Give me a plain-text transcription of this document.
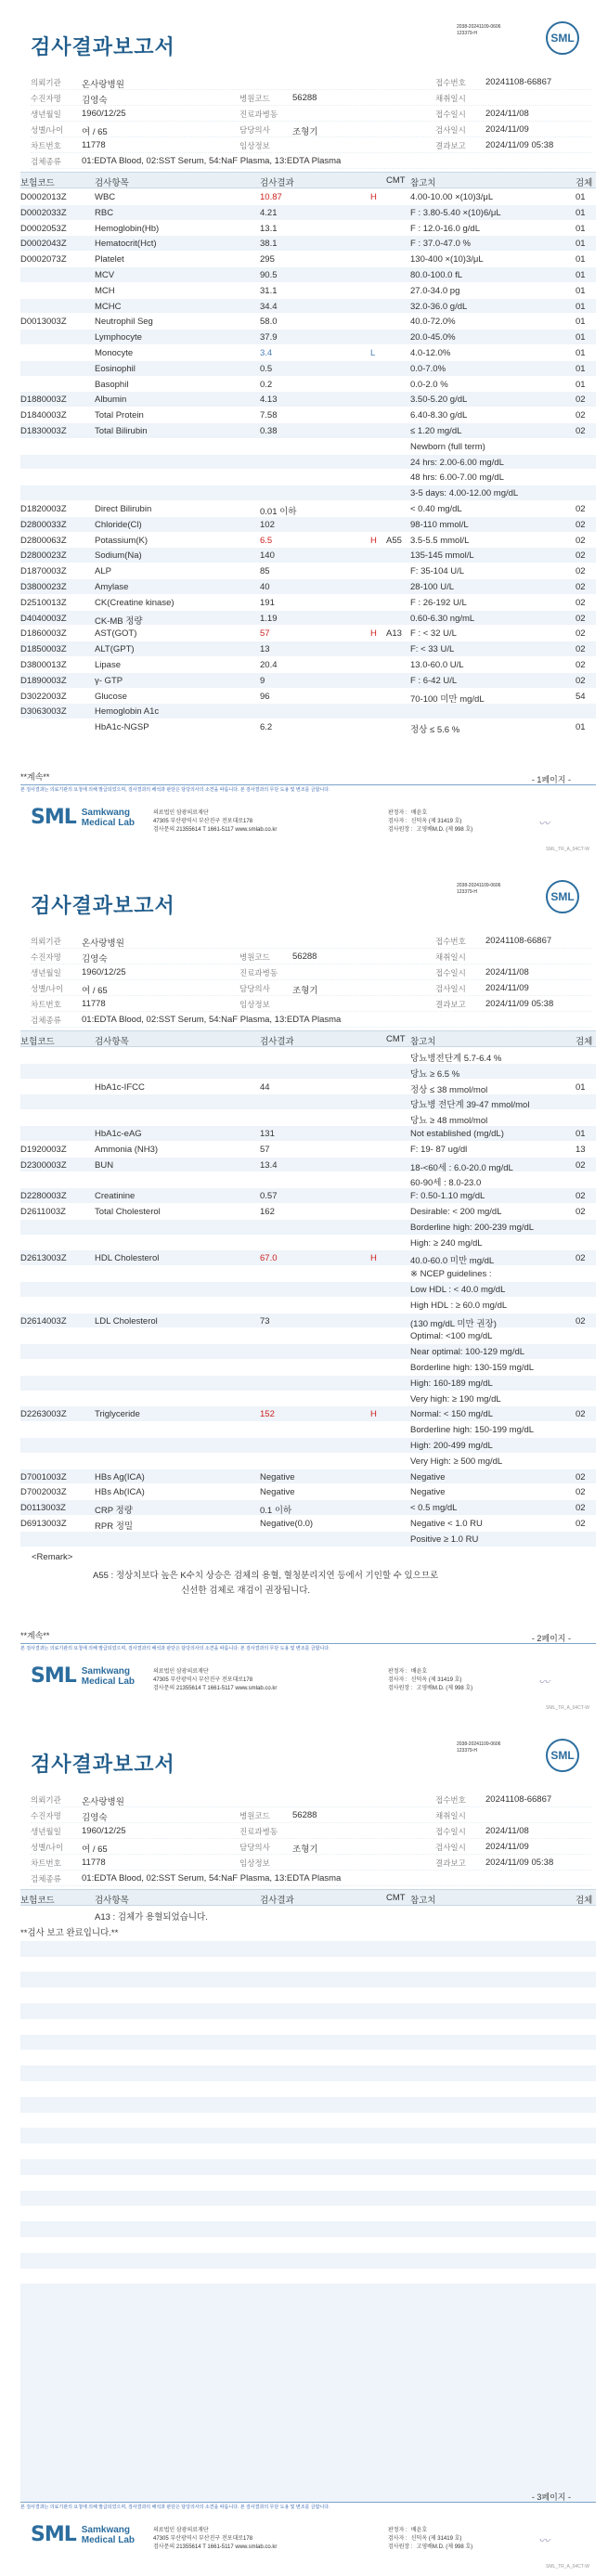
검사결과보고서
2038-20241109-0606
123379-H	SML
의뢰기관 온사랑병원	접수번호 20241108-66867
수진자명 김영숙	병원코드	56288	채취일시
생년월일 1960/12/25	진료과병동	접수일시 2024/11/08
성별/나이 여 / 65	담당의사	조형기	검사일시 2024/11/09
차트번호 11778	임상정보	결과보고 2024/11/09 05:38
검체종류 01:EDTA Blood, 02:SST Serum, 54:NaF Plasma, 13:EDTA Plasma
보험코드	검사항목	검사결과	CMT 참고치	검체
D0002013Z	WBC	10.87	H	4.00-10.00 ×(10)3/μL	01
D0002033Z	RBC	4.21	F : 3.80-5.40 ×(10)6/μL	01
D0002053Z	Hemoglobin(Hb)	13.1	F : 12.0-16.0 g/dL	01
D0002043Z	Hematocrit(Hct)	38.1	F : 37.0-47.0 %	01
D0002073Z	Platelet	295	130-400 ×(10)3/μL	01
MCV	90.5	80.0-100.0 fL	01
MCH	31.1	27.0-34.0 pg	01
MCHC	34.4	32.0-36.0 g/dL	01
D0013003Z	Neutrophil Seg	58.0	40.0-72.0%	01
Lymphocyte	37.9	20.0-45.0%	01
Monocyte	3.4	L	4.0-12.0%	01
Eosinophil	0.5	0.0-7.0%	01
Basophil	0.2	0.0-2.0 %	01
D1880003Z	Albumin	4.13	3.50-5.20 g/dL	02
D1840003Z	Total Protein	7.58	6.40-8.30 g/dL	02
D1830003Z	Total Bilirubin	0.38	≤ 1.20 mg/dL	02
Newborn (full term)
24 hrs: 2.00-6.00 mg/dL
48 hrs: 6.00-7.00 mg/dL
3-5 days: 4.00-12.00 mg/dL
D1820003Z	Direct Bilirubin	0.01 이하	< 0.40 mg/dL	02
D2800033Z	Chloride(Cl)	102	98-110 mmol/L	02
D2800063Z	Potassium(K)	6.5	H A55 3.5-5.5 mmol/L	02
D2800023Z	Sodium(Na)	140	135-145 mmol/L	02
D1870003Z	ALP	85	F: 35-104 U/L	02
D3800023Z	Amylase	40	28-100 U/L	02
D2510013Z	CK(Creatine kinase)	191	F : 26-192 U/L	02
D4040003Z	CK-MB 정량	1.19	0.60-6.30 ng/mL	02
D1860003Z	AST(GOT)	57	H A13 F : < 32 U/L	02
D1850003Z	ALT(GPT)	13	F: < 33 U/L	02
D3800013Z	Lipase	20.4	13.0-60.0 U/L	02
D1890003Z	γ- GTP	9	F : 6-42 U/L	02
D3022003Z	Glucose	96	70-100 미만 mg/dL	54
D3063003Z	Hemoglobin A1c
HbA1c-NGSP	6.2	정상 ≤ 5.6 %	01
**계속**	- 1페이지 -
본 검사결과는 의료기관의 요청에 의해 발급되었으며, 검사결과의 해석과 판단은 담당의사의 소견을 따릅니다. 본 검사결과의 무단 도용 및 변조를 금합니다.
SML Samkwang
Medical Lab
의료법인 삼광의료재단
47305 부산광역시 부산진구 전포대로178
검사문의 21355614 T 1661-5117 www.smlab.co.kr
판정자 : 배윤호
검사자 : 신덕옥 (제 31419 호)
검사원장 : 고영배M.D. (제 998 호)	〰
SML_TR_A_04CT-W
검사결과보고서
2038-20241109-0606
123379-H	SML
의뢰기관 온사랑병원	접수번호 20241108-66867
수진자명 김영숙	병원코드	56288	채취일시
생년월일 1960/12/25	진료과병동	접수일시 2024/11/08
성별/나이 여 / 65	담당의사	조형기	검사일시 2024/11/09
차트번호 11778	임상정보	결과보고 2024/11/09 05:38
검체종류 01:EDTA Blood, 02:SST Serum, 54:NaF Plasma, 13:EDTA Plasma
보험코드	검사항목	검사결과	CMT 참고치	검체
당뇨병전단계 5.7-6.4 %
당뇨 ≥ 6.5 %
HbA1c-IFCC	44	정상 ≤ 38 mmol/mol	01
당뇨병 전단계 39-47 mmol/mol
당뇨 ≥ 48 mmol/mol
HbA1c-eAG	131	Not established (mg/dL)	01
D1920003Z	Ammonia (NH3)	57	F: 19- 87 ug/dl	13
D2300003Z	BUN	13.4	18-<60세 : 6.0-20.0 mg/dL	02
60-90세 : 8.0-23.0
D2280003Z	Creatinine	0.57	F: 0.50-1.10 mg/dL	02
D2611003Z	Total Cholesterol	162	Desirable: < 200 mg/dL	02
Borderline high: 200-239 mg/dL
High: ≥ 240 mg/dL
D2613003Z	HDL Cholesterol	67.0	H	40.0-60.0 미만 mg/dL	02
※ NCEP guidelines :
Low HDL : < 40.0 mg/dL
High HDL : ≥ 60.0 mg/dL
D2614003Z	LDL Cholesterol	73	(130 mg/dL 미만 권장)	02
Optimal: <100 mg/dL
Near optimal: 100-129 mg/dL
Borderline high: 130-159 mg/dL
High: 160-189 mg/dL
Very high: ≥ 190 mg/dL
D2263003Z	Triglyceride	152	H	Normal: < 150 mg/dL	02
Borderline high: 150-199 mg/dL
High: 200-499 mg/dL
Very High: ≥ 500 mg/dL
D7001003Z	HBs Ag(ICA)	Negative	Negative	02
D7002003Z	HBs Ab(ICA)	Negative	Negative	02
D0113003Z	CRP 정량	0.1 이하	< 0.5 mg/dL	02
D6913003Z	RPR 정밀	Negative(0.0)	Negative < 1.0 RU	02
Positive ≥ 1.0 RU
<Remark>
A55 : 정상치보다 높은 K수치 상승은 검체의 용혈, 혈청분리지연 등에서 기인할 수 있으므로
신선한 검체로 재검이 권장됩니다.
**계속**	- 2페이지 -
본 검사결과는 의료기관의 요청에 의해 발급되었으며, 검사결과의 해석과 판단은 담당의사의 소견을 따릅니다. 본 검사결과의 무단 도용 및 변조를 금합니다.
SML Samkwang
Medical Lab
의료법인 삼광의료재단
47305 부산광역시 부산진구 전포대로178
검사문의 21355614 T 1661-5117 www.smlab.co.kr
판정자 : 배윤호
검사자 : 신덕옥 (제 31419 호)
검사원장 : 고영배M.D. (제 998 호)	〰
SML_TR_A_04CT-W
검사결과보고서
2038-20241109-0606
123379-H	SML
의뢰기관 온사랑병원	접수번호 20241108-66867
수진자명 김영숙	병원코드	56288	채취일시
생년월일 1960/12/25	진료과병동	접수일시 2024/11/08
성별/나이 여 / 65	담당의사	조형기	검사일시 2024/11/09
차트번호 11778	임상정보	결과보고 2024/11/09 05:38
검체종류 01:EDTA Blood, 02:SST Serum, 54:NaF Plasma, 13:EDTA Plasma
보험코드	검사항목	검사결과	CMT 참고치	검체
A13 : 검체가 용혈되었습니다.
**검사 보고 완료입니다.**
- 3페이지 -
본 검사결과는 의료기관의 요청에 의해 발급되었으며, 검사결과의 해석과 판단은 담당의사의 소견을 따릅니다. 본 검사결과의 무단 도용 및 변조를 금합니다.
SML Samkwang
Medical Lab
의료법인 삼광의료재단
47305 부산광역시 부산진구 전포대로178
검사문의 21355614 T 1661-5117 www.smlab.co.kr
판정자 : 배윤호
검사자 : 신덕옥 (제 31419 호)
검사원장 : 고영배M.D. (제 998 호)	〰
SML_TR_A_04CT-W
